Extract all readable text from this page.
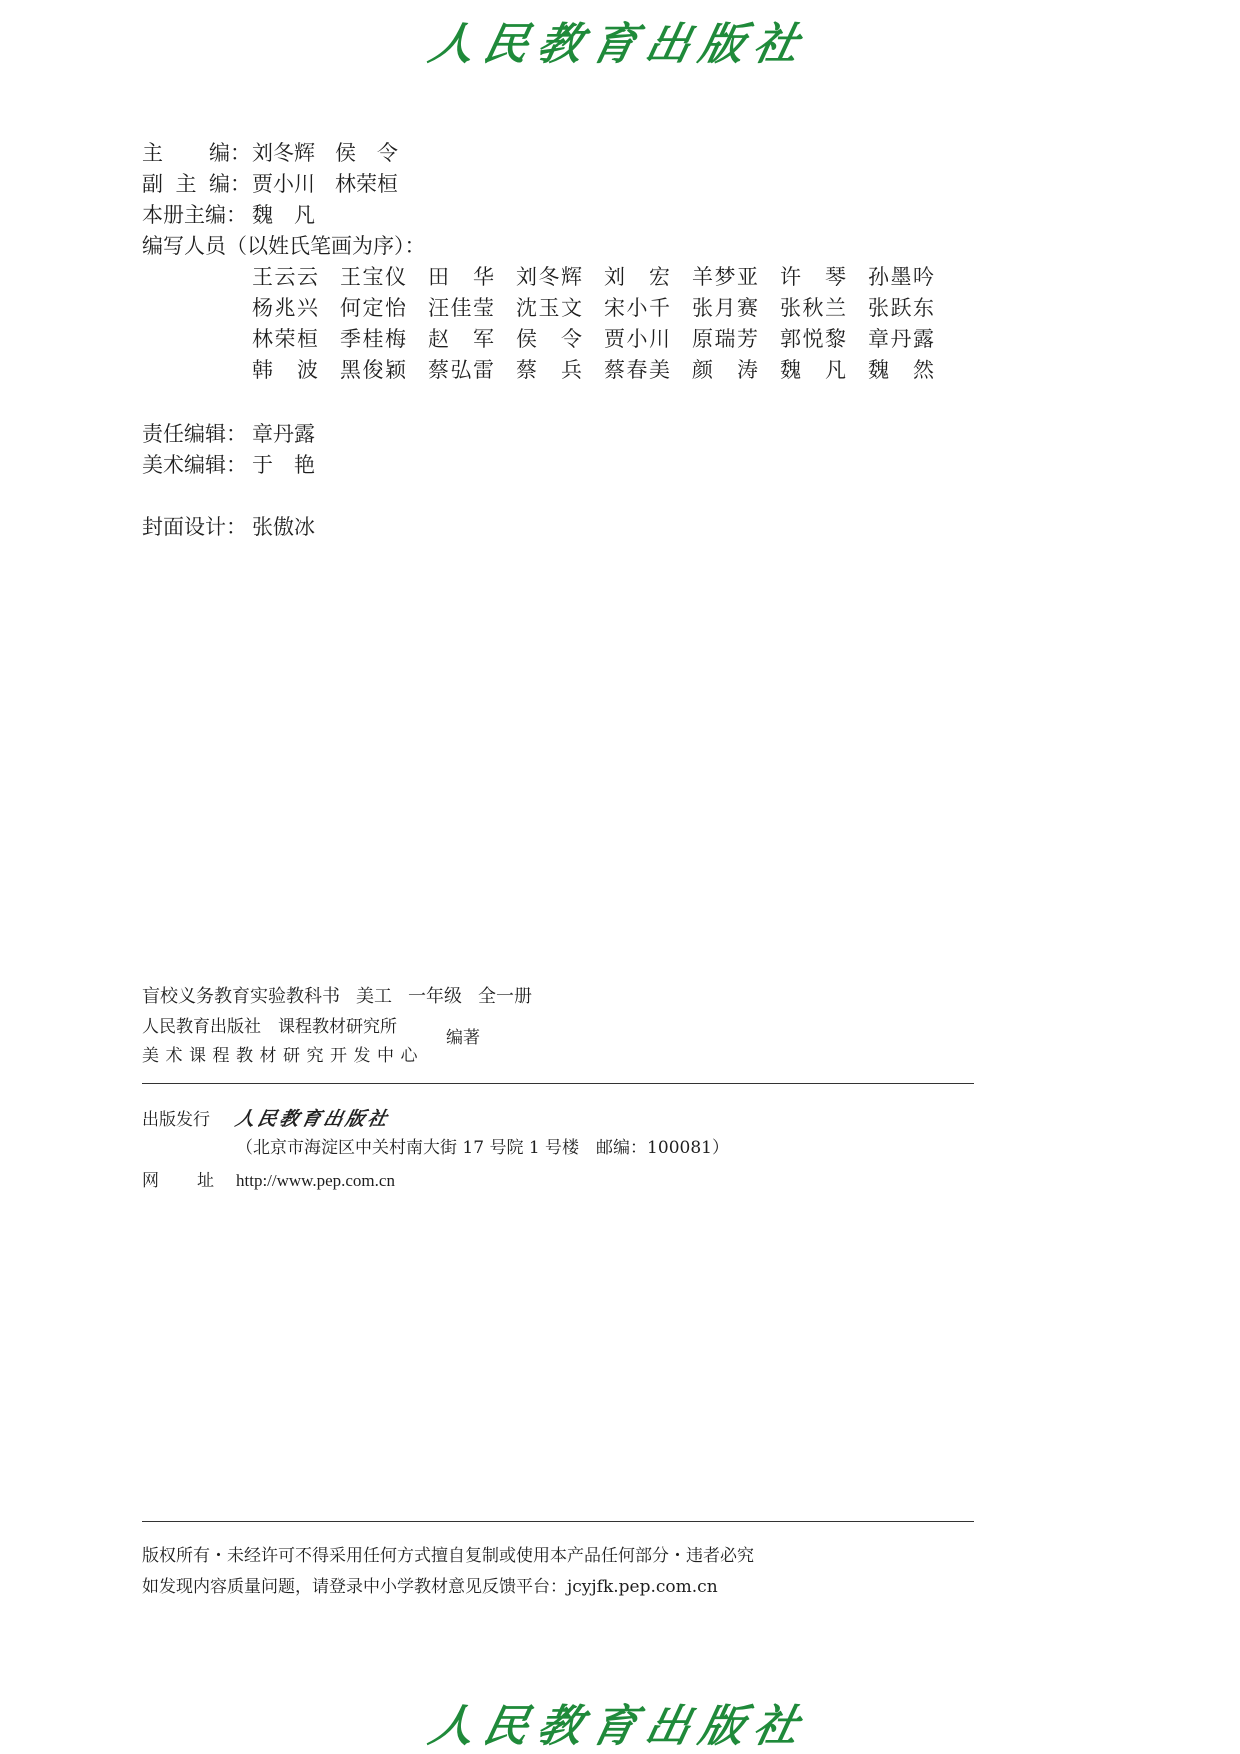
人民教育出版社
主 编 ：刘冬辉 侯　令
副 主 编 ：贾小川 林荣桓
本册主编： 魏　凡
编写人员（以姓氏笔画为序）：
王 云 云 王 宝 仪 田 华 刘 冬 辉 刘 宏 羊 梦 亚 许 琴 孙 墨 吟
杨 兆 兴 何 定 怡 汪 佳 莹 沈 玉 文 宋 小 千 张 月 赛 张 秋 兰 张 跃 东
林 荣 桓 季 桂 梅 赵 军 侯 令 贾 小 川 原 瑞 芳 郭 悦 黎 章 丹 露
韩 波 黑 俊 颖 蔡 弘 雷 蔡 兵 蔡 春 美 颜 涛 魏 凡 魏 然
责任编辑： 章丹露
美术编辑： 于　艳
封面设计： 张傲冰
盲校义务教育实验教科书 美工 一年级 全一册
人民教育出版社　课程教材研究所
美术课程教材研究开发中心
编著
出版发行 人民教育出版社
（北京市海淀区中关村南大街 17 号院 1 号楼　邮编：100081）
网 址 http://www.pep.com.cn
版权所有・未经许可不得采用任何方式擅自复制或使用本产品任何部分・违者必究
如发现内容质量问题，请登录中小学教材意见反馈平台：jcyjfk.pep.com.cn
人民教育出版社
